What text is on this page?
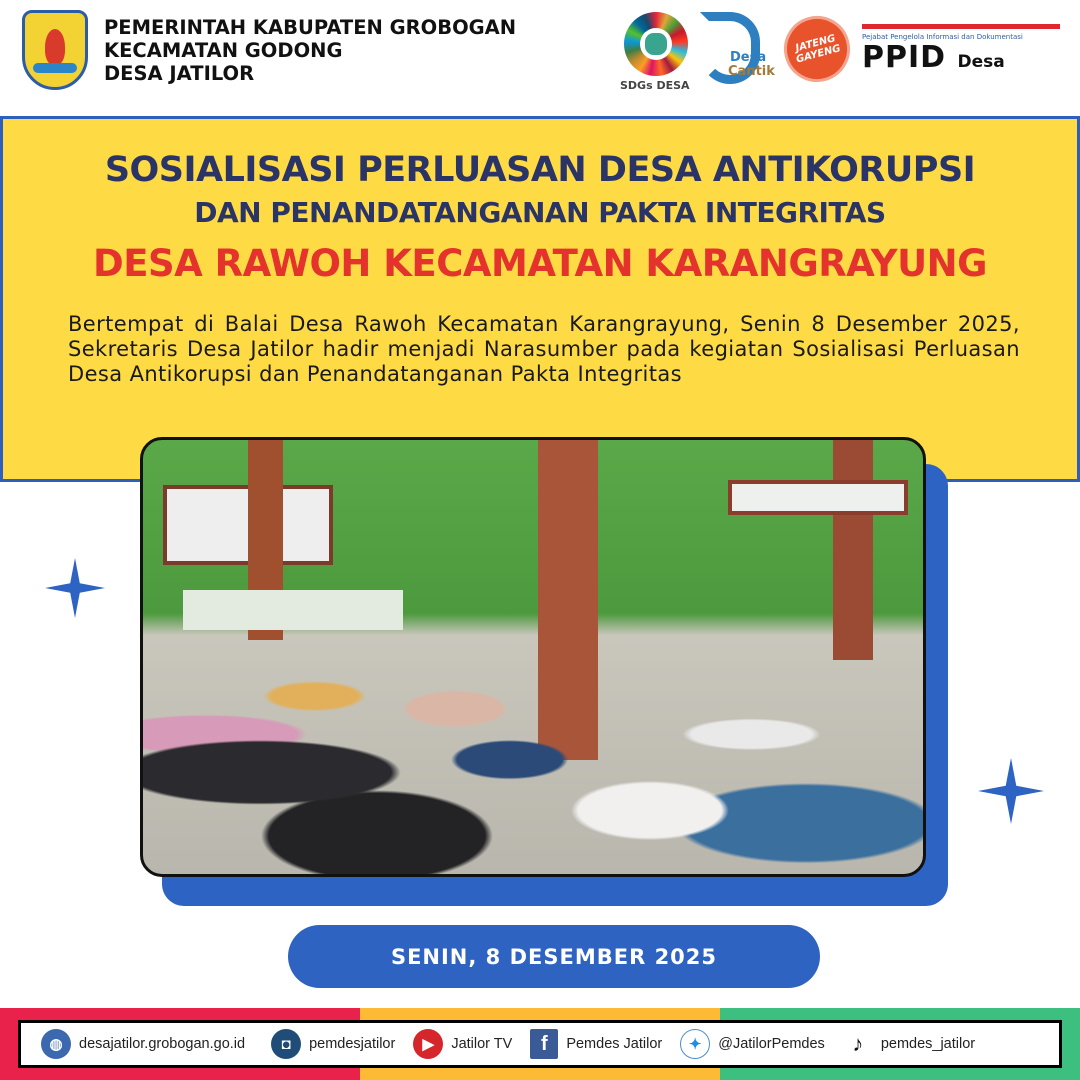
PEMERINTAH KABUPATEN GROBOGAN
KECAMATAN GODONG
DESA JATILOR
SDGs DESA
Desa
Cantik
JATENG GAYENG
Pejabat Pengelola Informasi dan Dokumentasi
PPID Desa
SOSIALISASI PERLUASAN DESA ANTIKORUPSI
DAN PENANDATANGANAN PAKTA INTEGRITAS
DESA RAWOH KECAMATAN KARANGRAYUNG
Bertempat di Balai Desa Rawoh Kecamatan Karangrayung, Senin 8 Desember 2025, Sekretaris Desa Jatilor hadir menjadi Narasumber pada kegiatan Sosialisasi Perluasan Desa Antikorupsi dan Penandatanganan Pakta Integritas
SENIN, 8 DESEMBER 2025
◍	desajatilor.grobogan.go.id	◘	pemdesjatilor	▶	Jatilor TV	f	Pemdes Jatilor	✦	@JatilorPemdes	♪	pemdes_jatilor
